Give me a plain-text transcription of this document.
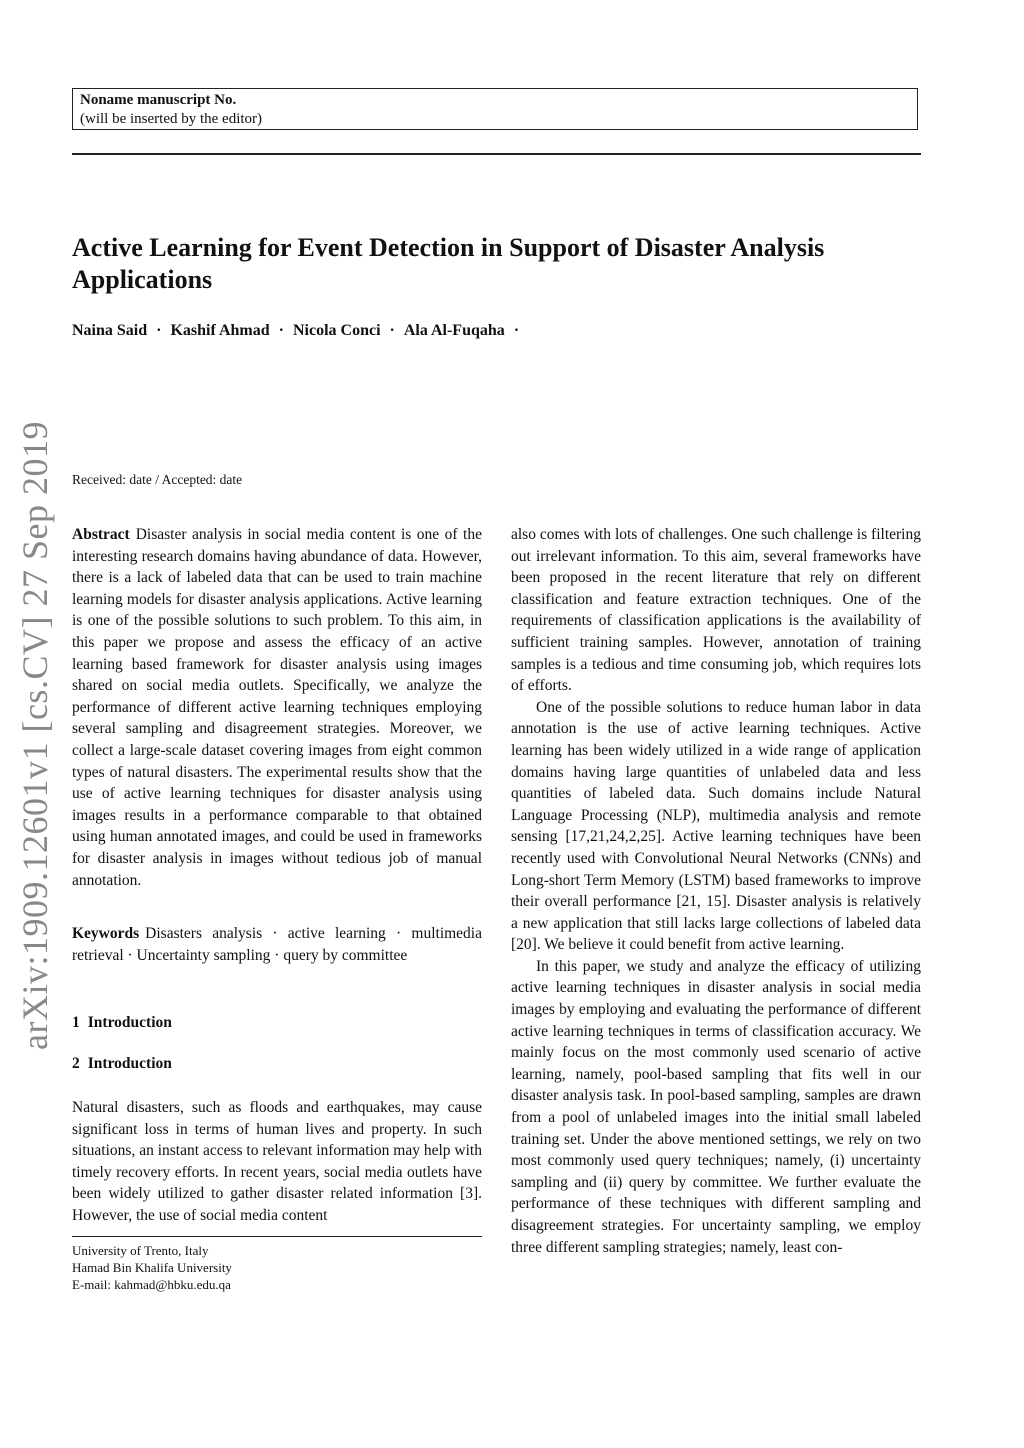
Noname manuscript No.
(will be inserted by the editor)
Active Learning for Event Detection in Support of Disaster Analysis Applications
Naina Said · Kashif Ahmad · Nicola Conci · Ala Al-Fuqaha ·
Received: date / Accepted: date
arXiv:1909.12601v1 [cs.CV] 27 Sep 2019 Abstract Disaster analysis in social media content is one of the interesting research domains having abundance of data. However, there is a lack of labeled data that can be used to train machine learning models for disaster analysis applications. Active learning is one of the possible solutions to such problem. To this aim, in this paper we propose and assess the efficacy of an active learning based framework for disaster analysis using images shared on social media outlets. Specifically, we analyze the performance of different active learning techniques employing several sampling and disagreement strategies. Moreover, we collect a large-scale dataset covering images from eight common types of natural disasters. The experimental results show that the use of active learning techniques for disaster analysis using images results in a performance comparable to that obtained using human annotated images, and could be used in frameworks for disaster analysis in images without tedious job of manual annotation.

Keywords Disasters analysis · active learning · multimedia retrieval · Uncertainty sampling · query by committee

1 Introduction
2 Introduction

Natural disasters, such as floods and earthquakes, may cause significant loss in terms of human lives and property. In such situations, an instant access to relevant information may help with timely recovery efforts. In recent years, social media outlets have been widely utilized to gather disaster related information [3]. However, the use of social media content

also comes with lots of challenges. One such challenge is filtering out irrelevant information. To this aim, several frameworks have been proposed in the recent literature that rely on different classification and feature extraction techniques. One of the requirements of classification applications is the availability of sufficient training samples. However, annotation of training samples is a tedious and time consuming job, which requires lots of efforts.

One of the possible solutions to reduce human labor in data annotation is the use of active learning techniques. Active learning has been widely utilized in a wide range of application domains having large quantities of unlabeled data and less quantities of labeled data. Such domains include Natural Language Processing (NLP), multimedia analysis and remote sensing [17,21,24,2,25]. Active learning techniques have been recently used with Convolutional Neural Networks (CNNs) and Long-short Term Memory (LSTM) based frameworks to improve their overall performance [21, 15]. Disaster analysis is relatively a new application that still lacks large collections of labeled data [20]. We believe it could benefit from active learning.

In this paper, we study and analyze the efficacy of utilizing active learning techniques in disaster analysis in social media images by employing and evaluating the performance of different active learning techniques in terms of classification accuracy. We mainly focus on the most commonly used scenario of active learning, namely, pool-based sampling that fits well in our disaster analysis task. In pool-based sampling, samples are drawn from a pool of unlabeled images into the initial small labeled training set. Under the above mentioned settings, we rely on two most commonly used query techniques; namely, (i) uncertainty sampling and (ii) query by committee. We further evaluate the performance of these techniques with different sampling and disagreement strategies. For uncertainty sampling, we employ three different sampling strategies; namely, least con-

University of Trento, Italy
Hamad Bin Khalifa University
E-mail: kahmad@hbku.edu.qa
